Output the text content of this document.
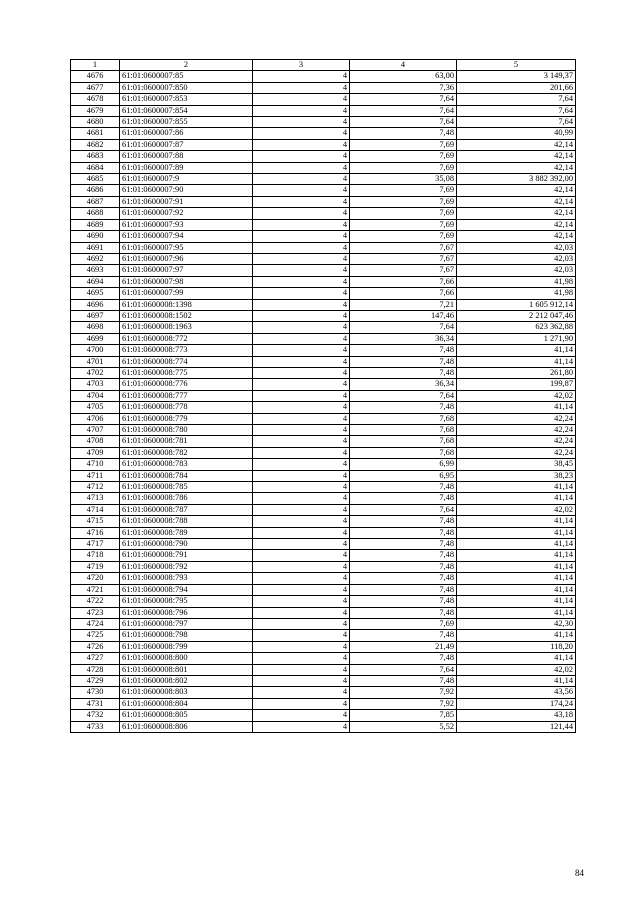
1	2	3	4	5
4676	61:01:0600007:85	4	63,00	3 149,37
4677	61:01:0600007:850	4	7,36	201,66
4678	61:01:0600007:853	4	7,64	7,64
4679	61:01:0600007:854	4	7,64	7,64
4680	61:01:0600007:855	4	7,64	7,64
4681	61:01:0600007:86	4	7,48	40,99
4682	61:01:0600007:87	4	7,69	42,14
4683	61:01:0600007:88	4	7,69	42,14
4684	61:01:0600007:89	4	7,69	42,14
4685	61:01:0600007:9	4	35,08	3 882 392,00
4686	61:01:0600007:90	4	7,69	42,14
4687	61:01:0600007:91	4	7,69	42,14
4688	61:01:0600007:92	4	7,69	42,14
4689	61:01:0600007:93	4	7,69	42,14
4690	61:01:0600007:94	4	7,69	42,14
4691	61:01:0600007:95	4	7,67	42,03
4692	61:01:0600007:96	4	7,67	42,03
4693	61:01:0600007:97	4	7,67	42,03
4694	61:01:0600007:98	4	7,66	41,98
4695	61:01:0600007:99	4	7,66	41,98
4696	61:01:0600008:1398	4	7,21	1 605 912,14
4697	61:01:0600008:1502	4	147,46	2 212 047,46
4698	61:01:0600008:1963	4	7,64	623 362,88
4699	61:01:0600008:772	4	36,34	1 271,90
4700	61:01:0600008:773	4	7,48	41,14
4701	61:01:0600008:774	4	7,48	41,14
4702	61:01:0600008:775	4	7,48	261,80
4703	61:01:0600008:776	4	36,34	199,87
4704	61:01:0600008:777	4	7,64	42,02
4705	61:01:0600008:778	4	7,48	41,14
4706	61:01:0600008:779	4	7,68	42,24
4707	61:01:0600008:780	4	7,68	42,24
4708	61:01:0600008:781	4	7,68	42,24
4709	61:01:0600008:782	4	7,68	42,24
4710	61:01:0600008:783	4	6,99	38,45
4711	61:01:0600008:784	4	6,95	38,23
4712	61:01:0600008:785	4	7,48	41,14
4713	61:01:0600008:786	4	7,48	41,14
4714	61:01:0600008:787	4	7,64	42,02
4715	61:01:0600008:788	4	7,48	41,14
4716	61:01:0600008:789	4	7,48	41,14
4717	61:01:0600008:790	4	7,48	41,14
4718	61:01:0600008:791	4	7,48	41,14
4719	61:01:0600008:792	4	7,48	41,14
4720	61:01:0600008:793	4	7,48	41,14
4721	61:01:0600008:794	4	7,48	41,14
4722	61:01:0600008:795	4	7,48	41,14
4723	61:01:0600008:796	4	7,48	41,14
4724	61:01:0600008:797	4	7,69	42,30
4725	61:01:0600008:798	4	7,48	41,14
4726	61:01:0600008:799	4	21,49	118,20
4727	61:01:0600008:800	4	7,48	41,14
4728	61:01:0600008:801	4	7,64	42,02
4729	61:01:0600008:802	4	7,48	41,14
4730	61:01:0600008:803	4	7,92	43,56
4731	61:01:0600008:804	4	7,92	174,24
4732	61:01:0600008:805	4	7,85	43,18
4733	61:01:0600008:806	4	5,52	121,44
84
